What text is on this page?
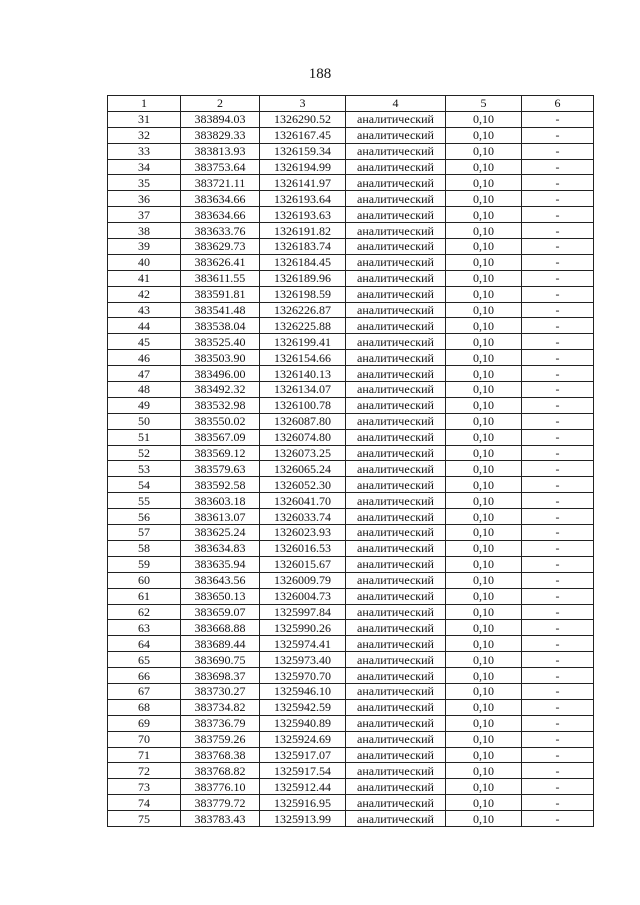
188
1	2	3	4	5	6
31	383894.03	1326290.52	аналитический	0,10	-
32	383829.33	1326167.45	аналитический	0,10	-
33	383813.93	1326159.34	аналитический	0,10	-
34	383753.64	1326194.99	аналитический	0,10	-
35	383721.11	1326141.97	аналитический	0,10	-
36	383634.66	1326193.64	аналитический	0,10	-
37	383634.66	1326193.63	аналитический	0,10	-
38	383633.76	1326191.82	аналитический	0,10	-
39	383629.73	1326183.74	аналитический	0,10	-
40	383626.41	1326184.45	аналитический	0,10	-
41	383611.55	1326189.96	аналитический	0,10	-
42	383591.81	1326198.59	аналитический	0,10	-
43	383541.48	1326226.87	аналитический	0,10	-
44	383538.04	1326225.88	аналитический	0,10	-
45	383525.40	1326199.41	аналитический	0,10	-
46	383503.90	1326154.66	аналитический	0,10	-
47	383496.00	1326140.13	аналитический	0,10	-
48	383492.32	1326134.07	аналитический	0,10	-
49	383532.98	1326100.78	аналитический	0,10	-
50	383550.02	1326087.80	аналитический	0,10	-
51	383567.09	1326074.80	аналитический	0,10	-
52	383569.12	1326073.25	аналитический	0,10	-
53	383579.63	1326065.24	аналитический	0,10	-
54	383592.58	1326052.30	аналитический	0,10	-
55	383603.18	1326041.70	аналитический	0,10	-
56	383613.07	1326033.74	аналитический	0,10	-
57	383625.24	1326023.93	аналитический	0,10	-
58	383634.83	1326016.53	аналитический	0,10	-
59	383635.94	1326015.67	аналитический	0,10	-
60	383643.56	1326009.79	аналитический	0,10	-
61	383650.13	1326004.73	аналитический	0,10	-
62	383659.07	1325997.84	аналитический	0,10	-
63	383668.88	1325990.26	аналитический	0,10	-
64	383689.44	1325974.41	аналитический	0,10	-
65	383690.75	1325973.40	аналитический	0,10	-
66	383698.37	1325970.70	аналитический	0,10	-
67	383730.27	1325946.10	аналитический	0,10	-
68	383734.82	1325942.59	аналитический	0,10	-
69	383736.79	1325940.89	аналитический	0,10	-
70	383759.26	1325924.69	аналитический	0,10	-
71	383768.38	1325917.07	аналитический	0,10	-
72	383768.82	1325917.54	аналитический	0,10	-
73	383776.10	1325912.44	аналитический	0,10	-
74	383779.72	1325916.95	аналитический	0,10	-
75	383783.43	1325913.99	аналитический	0,10	-
